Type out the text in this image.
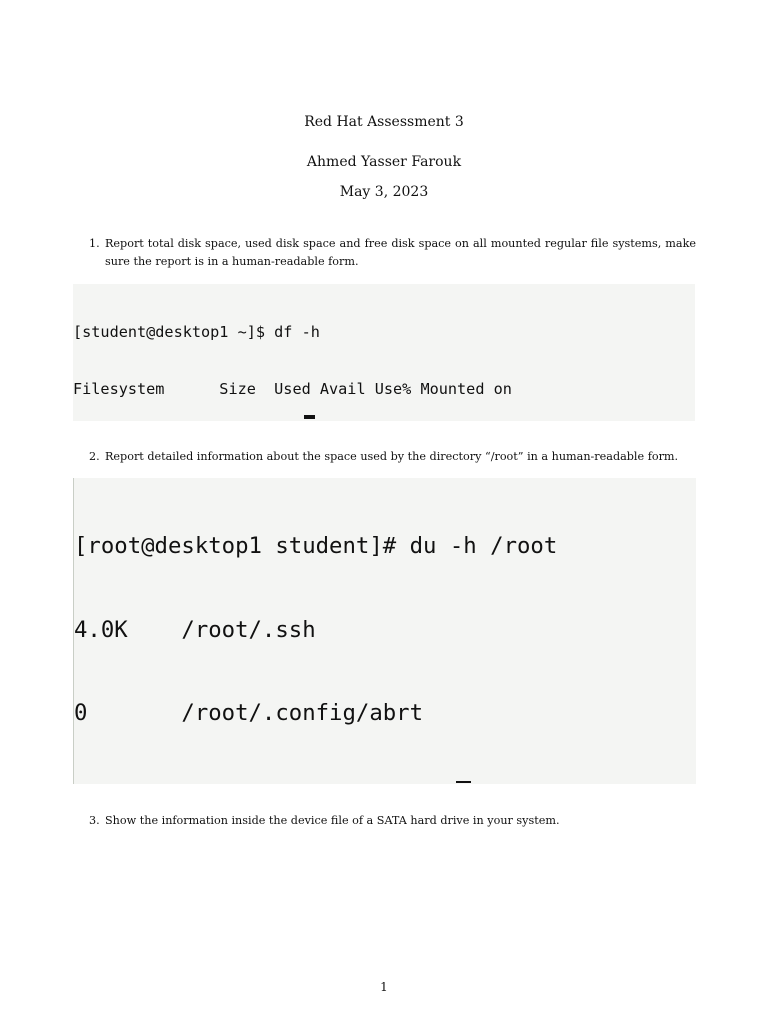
Red Hat Assessment 3
Ahmed Yasser Farouk
May 3, 2023
1. Report total disk space, used disk space and free disk space on all mounted regular file systems, make sure the report is in a human-readable form.

[student@desktop1 ~]$ df -h

Filesystem      Size  Used Avail Use% Mounted on

2. Report detailed information about the space used by the directory “/root” in a human-readable form.

[root@desktop1 student]# du -h /root

4.0K    /root/.ssh

0       /root/.config/abrt

3. Show the information inside the device file of a SATA hard drive in your system.
1
